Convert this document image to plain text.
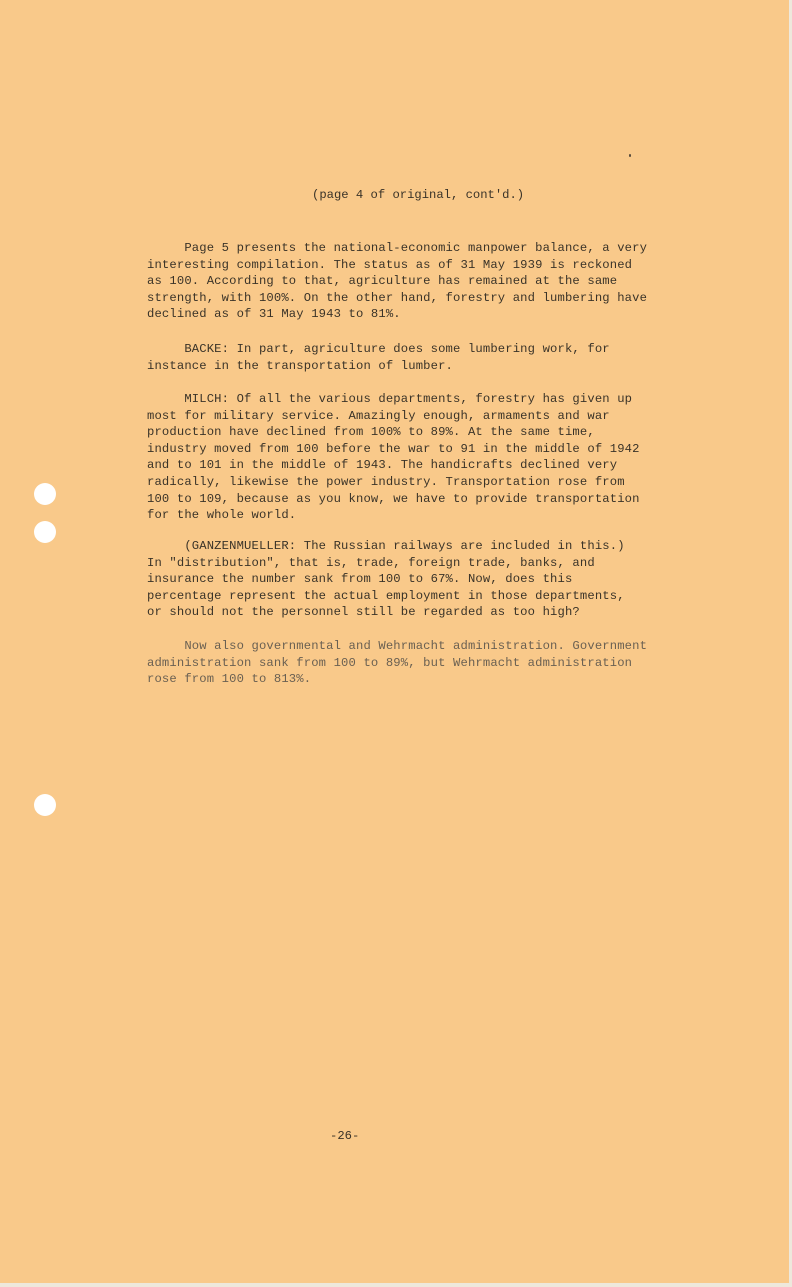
(page 4 of original, cont'd.)

Page 5 presents the national-economic manpower balance, a very
interesting compilation. The status as of 31 May 1939 is reckoned
as 100. According to that, agriculture has remained at the same
strength, with 100%. On the other hand, forestry and lumbering have
declined as of 31 May 1943 to 81%.

BACKE: In part, agriculture does some lumbering work, for
instance in the transportation of lumber.

MILCH: Of all the various departments, forestry has given up
most for military service. Amazingly enough, armaments and war
production have declined from 100% to 89%. At the same time,
industry moved from 100 before the war to 91 in the middle of 1942
and to 101 in the middle of 1943. The handicrafts declined very
radically, likewise the power industry. Transportation rose from
100 to 109, because as you know, we have to provide transportation
for the whole world.

(GANZENMUELLER: The Russian railways are included in this.)
In "distribution", that is, trade, foreign trade, banks, and
insurance the number sank from 100 to 67%. Now, does this
percentage represent the actual employment in those departments,
or should not the personnel still be regarded as too high?

Now also governmental and Wehrmacht administration. Government
administration sank from 100 to 89%, but Wehrmacht administration
rose from 100 to 813%.

-26-
